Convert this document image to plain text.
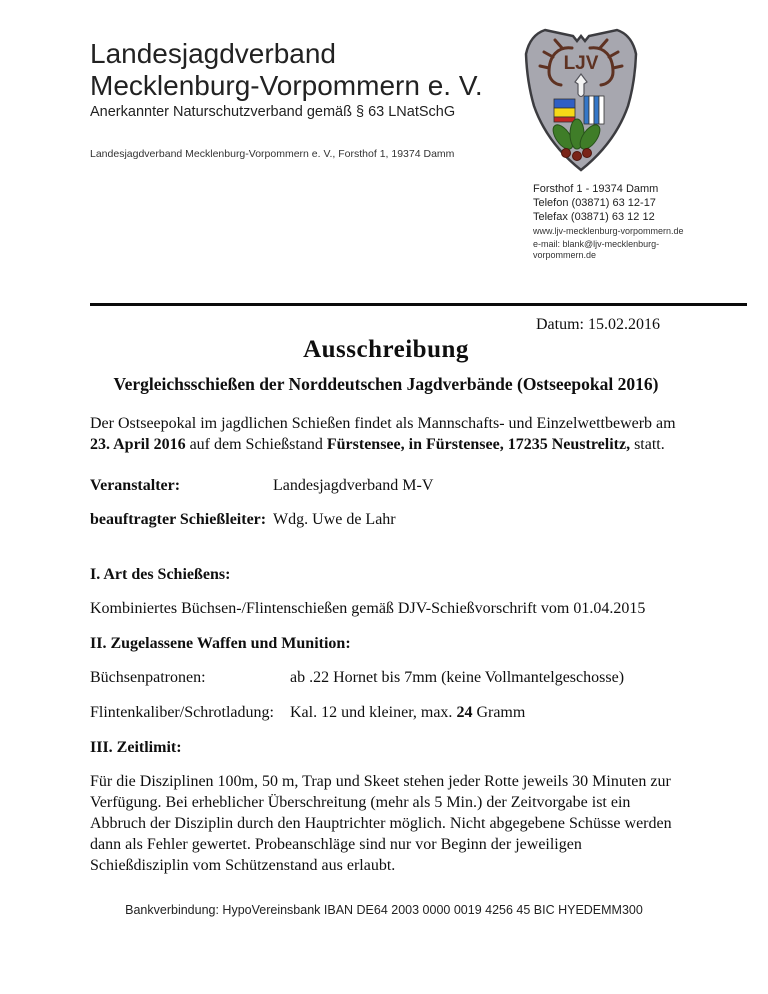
Landesjagdverband
Mecklenburg-Vorpommern e. V.
Anerkannter Naturschutzverband gemäß § 63 LNatSchG
Landesjagdverband Mecklenburg-Vorpommern e. V., Forsthof 1, 19374 Damm
LJV
Forsthof 1 - 19374 Damm
Telefon (03871) 63 12-17
Telefax (03871) 63 12 12
www.ljv-mecklenburg-vorpommern.de
e-mail: blank@ljv-mecklenburg-
vorpommern.de

Datum: 15.02.2016

Ausschreibung
Vergleichsschießen der Norddeutschen Jagdverbände (Ostseepokal 2016)

Der Ostseepokal im jagdlichen Schießen findet als Mannschafts- und Einzelwettbewerb am 23. April 2016 auf dem Schießstand Fürstensee, in Fürstensee, 17235 Neustrelitz, statt.

Veranstalter:	Landesjagdverband M-V
beauftragter Schießleiter: Wdg. Uwe de Lahr
I. Art des Schießens:

Kombiniertes Büchsen-/Flintenschießen gemäß DJV-Schießvorschrift vom 01.04.2015

II. Zugelassene Waffen und Munition:
Büchsenpatronen:	ab .22 Hornet bis 7mm (keine Vollmantelgeschosse)
Flintenkaliber/Schrotladung:	Kal. 12 und kleiner, max. 24 Gramm
III. Zeitlimit:

Für die Disziplinen 100m, 50 m, Trap und Skeet stehen jeder Rotte jeweils 30 Minuten zur Verfügung. Bei erheblicher Überschreitung (mehr als 5 Min.) der Zeitvorgabe ist ein Abbruch der Disziplin durch den Hauptrichter möglich. Nicht abgegebene Schüsse werden dann als Fehler gewertet. Probeanschläge sind nur vor Beginn der jeweiligen Schießdisziplin vom Schützenstand aus erlaubt.

Bankverbindung: HypoVereinsbank IBAN DE64 2003 0000 0019 4256 45 BIC HYEDEMM300
